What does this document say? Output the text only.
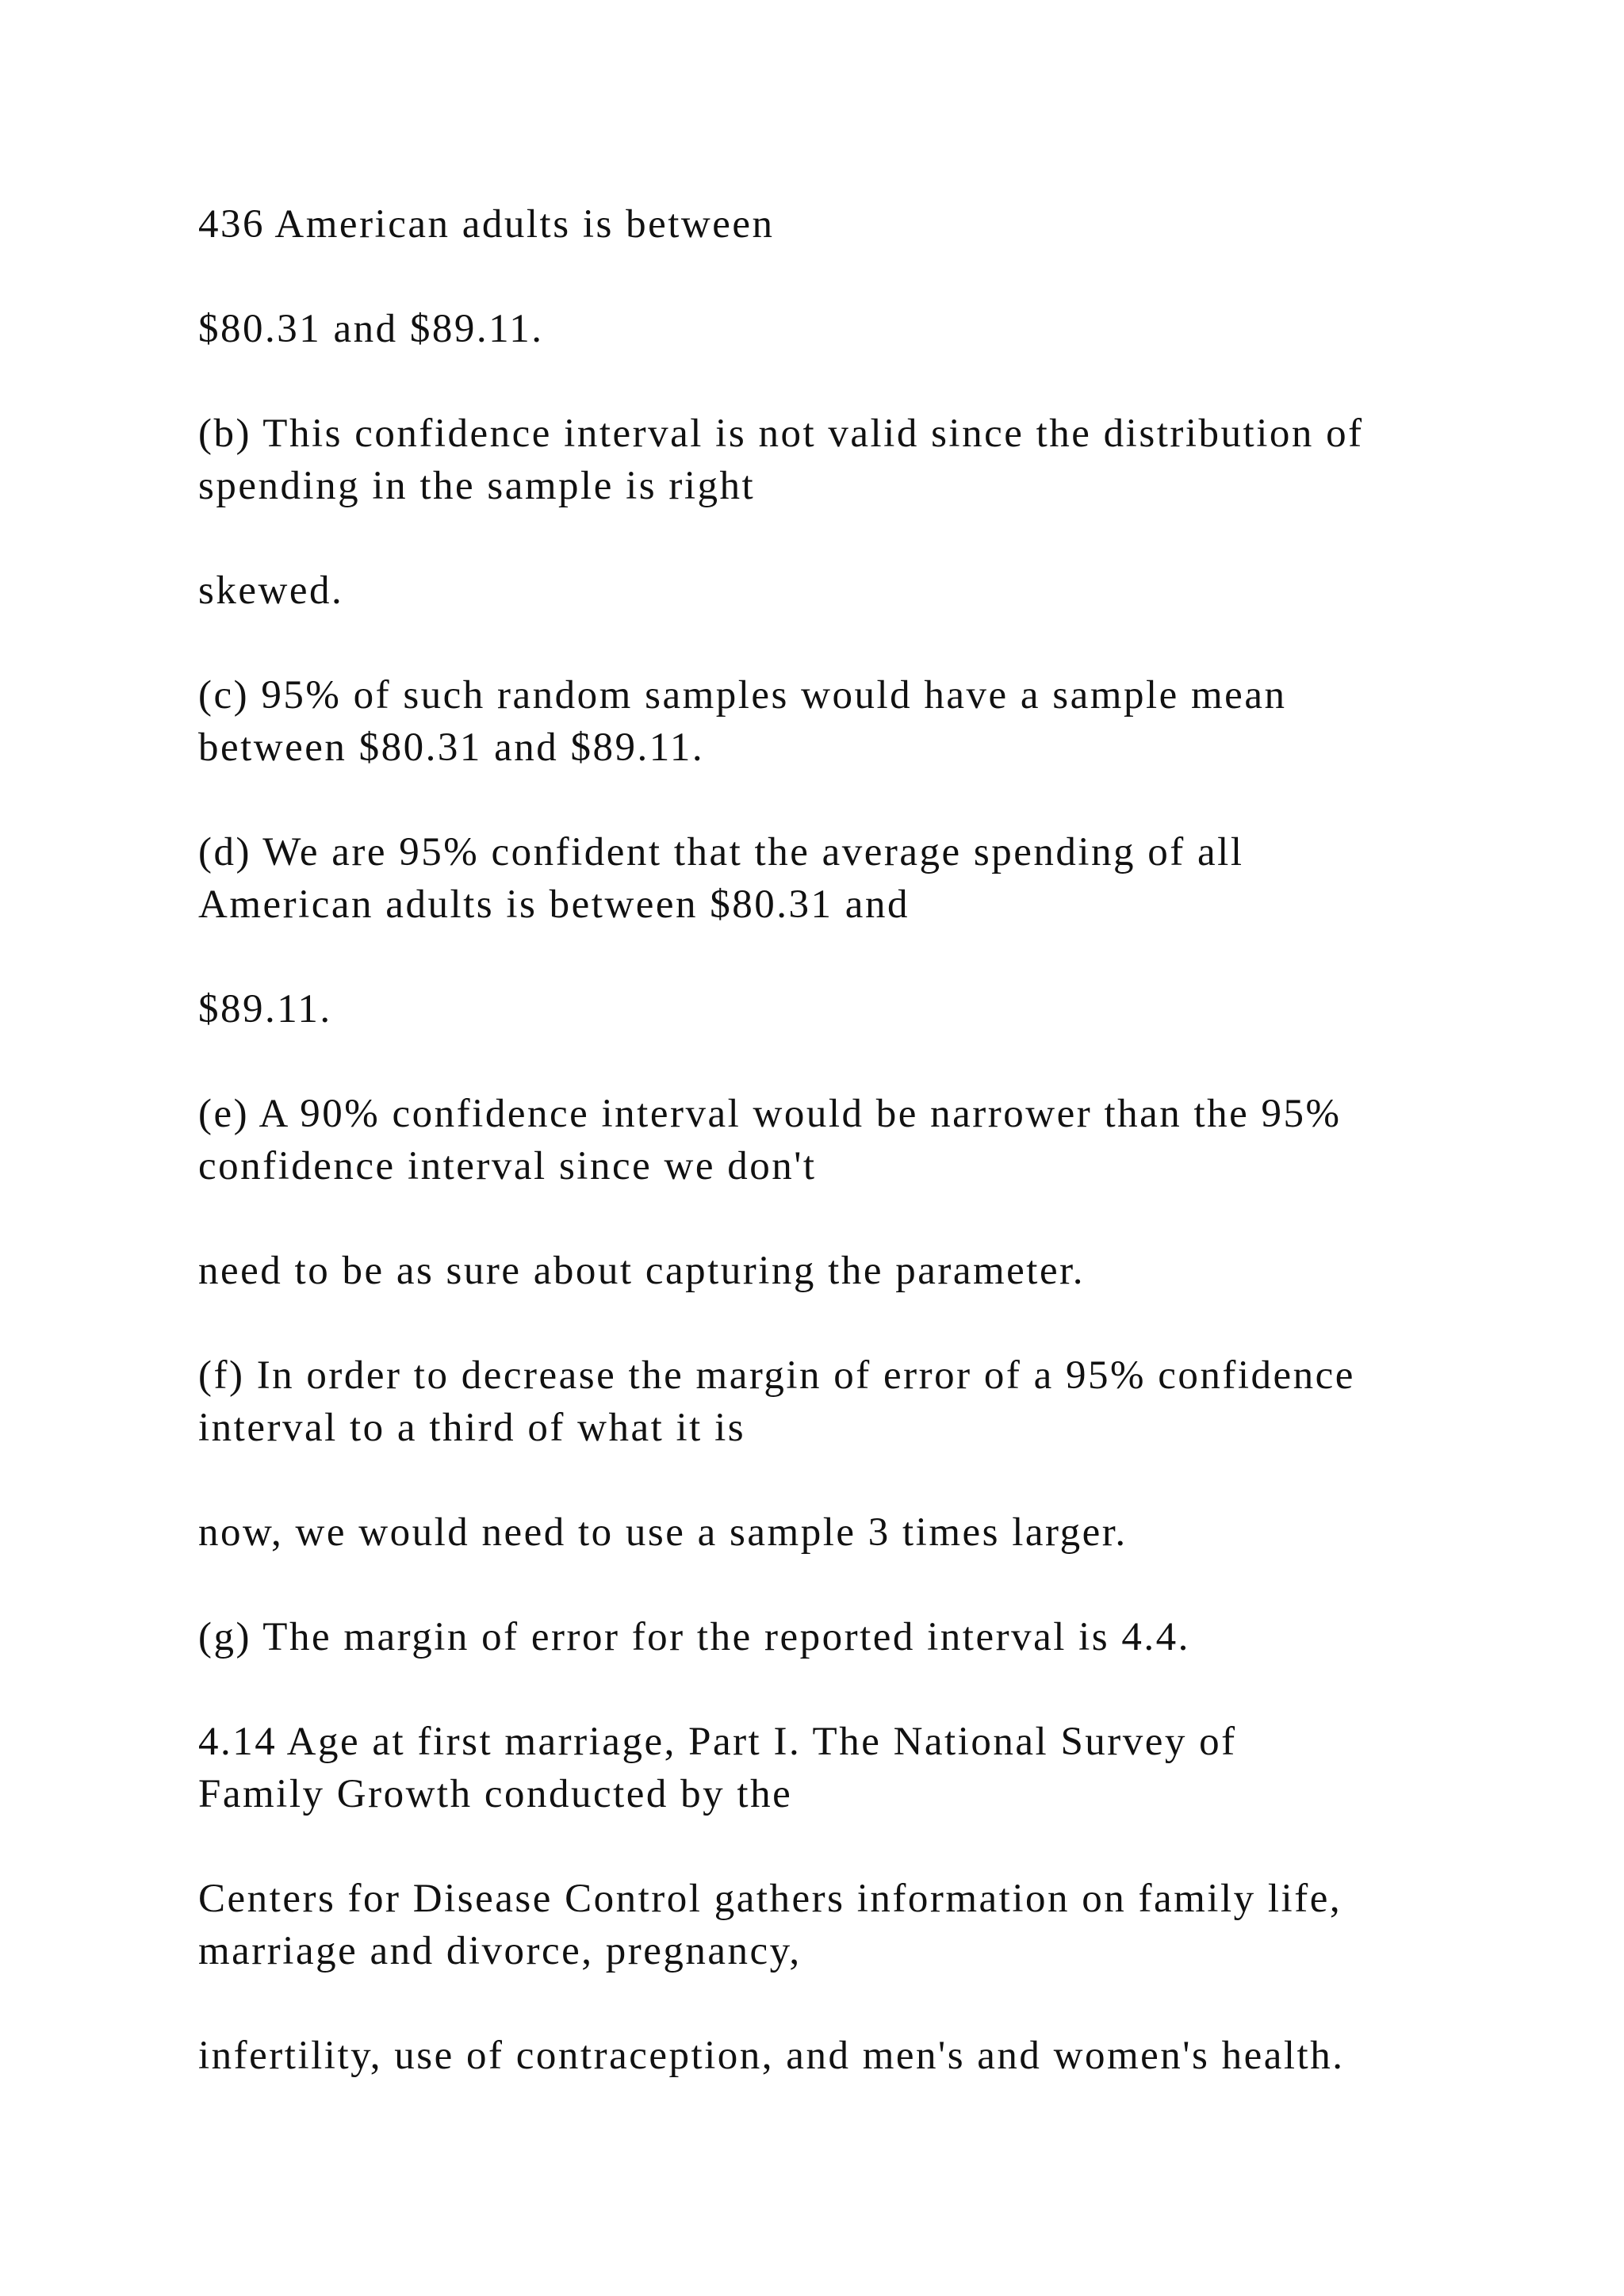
436 American adults is between

$80.31 and $89.11.

(b) This confidence interval is not valid since the distribution of

spending in the sample is right

skewed.

(c) 95% of such random samples would have a sample mean

between $80.31 and $89.11.

(d) We are 95% confident that the average spending of all

American adults is between $80.31 and

$89.11.

(e) A 90% confidence interval would be narrower than the 95%

confidence interval since we don't

need to be as sure about capturing the parameter.

(f) In order to decrease the margin of error of a 95% confidence

interval to a third of what it is

now, we would need to use a sample 3 times larger.

(g) The margin of error for the reported interval is 4.4.

4.14 Age at first marriage, Part I. The National Survey of

Family Growth conducted by the

Centers for Disease Control gathers information on family life,

marriage and divorce, pregnancy,

infertility, use of contraception, and men's and women's health.
